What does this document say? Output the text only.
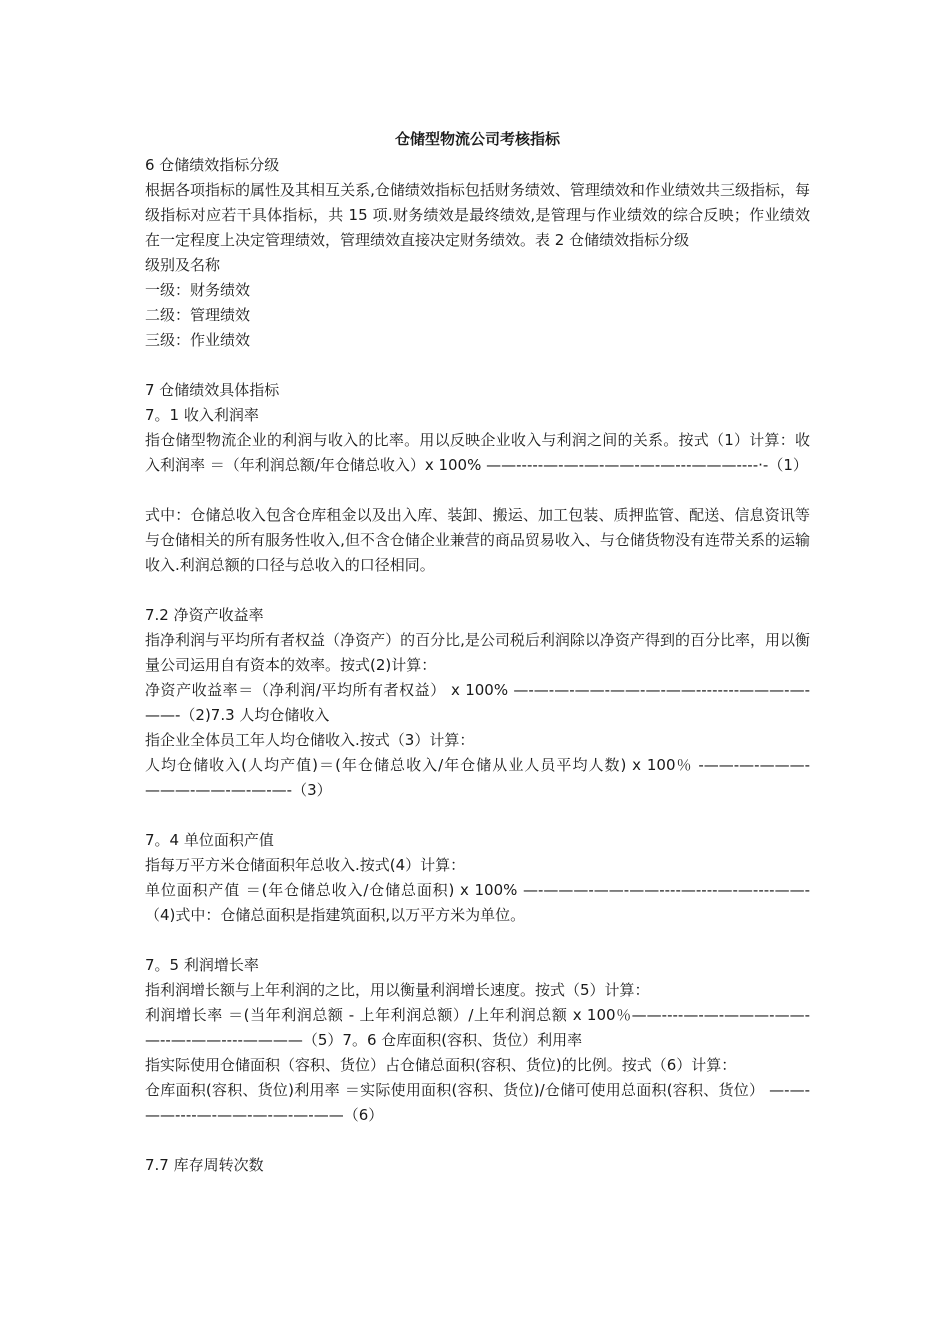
仓储型物流公司考核指标
6 仓储绩效指标分级
根据各项指标的属性及其相互关系,仓储绩效指标包括财务绩效、管理绩效和作业绩效共三级指标，每级指标对应若干具体指标，共 15 项.财务绩效是最终绩效,是管理与作业绩效的综合反映；作业绩效在一定程度上决定管理绩效，管理绩效直接决定财务绩效。表 2 仓储绩效指标分级
级别及名称
一级：财务绩效
二级：管理绩效
三级：作业绩效
7 仓储绩效具体指标
7。1 收入利润率
指仓储型物流企业的利润与收入的比率。用以反映企业收入与利润之间的关系。按式（1）计算：收入利润率 ＝（年利润总额/年仓储总收入）x 100% ——-----—-—-—-——-—-—---———----·-（1）
式中：仓储总收入包含仓库租金以及出入库、装卸、搬运、加工包装、质押监管、配送、信息资讯等与仓储相关的所有服务性收入,但不含仓储企业兼营的商品贸易收入、与仓储货物没有连带关系的运输收入.利润总额的口径与总收入的口径相同。
7.2 净资产收益率
指净利润与平均所有者权益（净资产）的百分比,是公司税后利润除以净资产得到的百分比率，用以衡量公司运用自有资本的效率。按式(2)计算：
净资产收益率＝（净利润/平均所有者权益） x 100% —-—-—-——-——-—-——--------———-—-——-（2)7.3 人均仓储收入
指企业全体员工年人均仓储收入.按式（3）计算：
人均仓储收入(人均产值)＝(年仓储总收入/年仓储从业人员平均人数) x 100％ -——-—-———-———-——-—-—-—-（3）
7。4 单位面积产值
指每万平方米仓储面积年总收入.按式(4）计算：
单位面积产值 ＝(年仓储总收入/仓储总面积) x 100% —-———-——-——----—----—-—----——-（4)式中：仓储总面积是指建筑面积,以万平方米为单位。
7。5 利润增长率
指利润增长额与上年利润的之比，用以衡量利润增长速度。按式（5）计算：
利润增长率 ＝(当年利润总额 - 上年利润总额）/上年利润总额 x 100％——----—-—-———-——-—--—-——----————（5）7。6 仓库面积(容积、货位）利用率
指实际使用仓储面积（容积、货位）占仓储总面积(容积、货位)的比例。按式（6）计算：
仓库面积(容积、货位)利用率 ＝实际使用面积(容积、货位)/仓储可使用总面积(容积、货位） —-—-——----—-——-—-—-—-——（6）
7.7 库存周转次数
